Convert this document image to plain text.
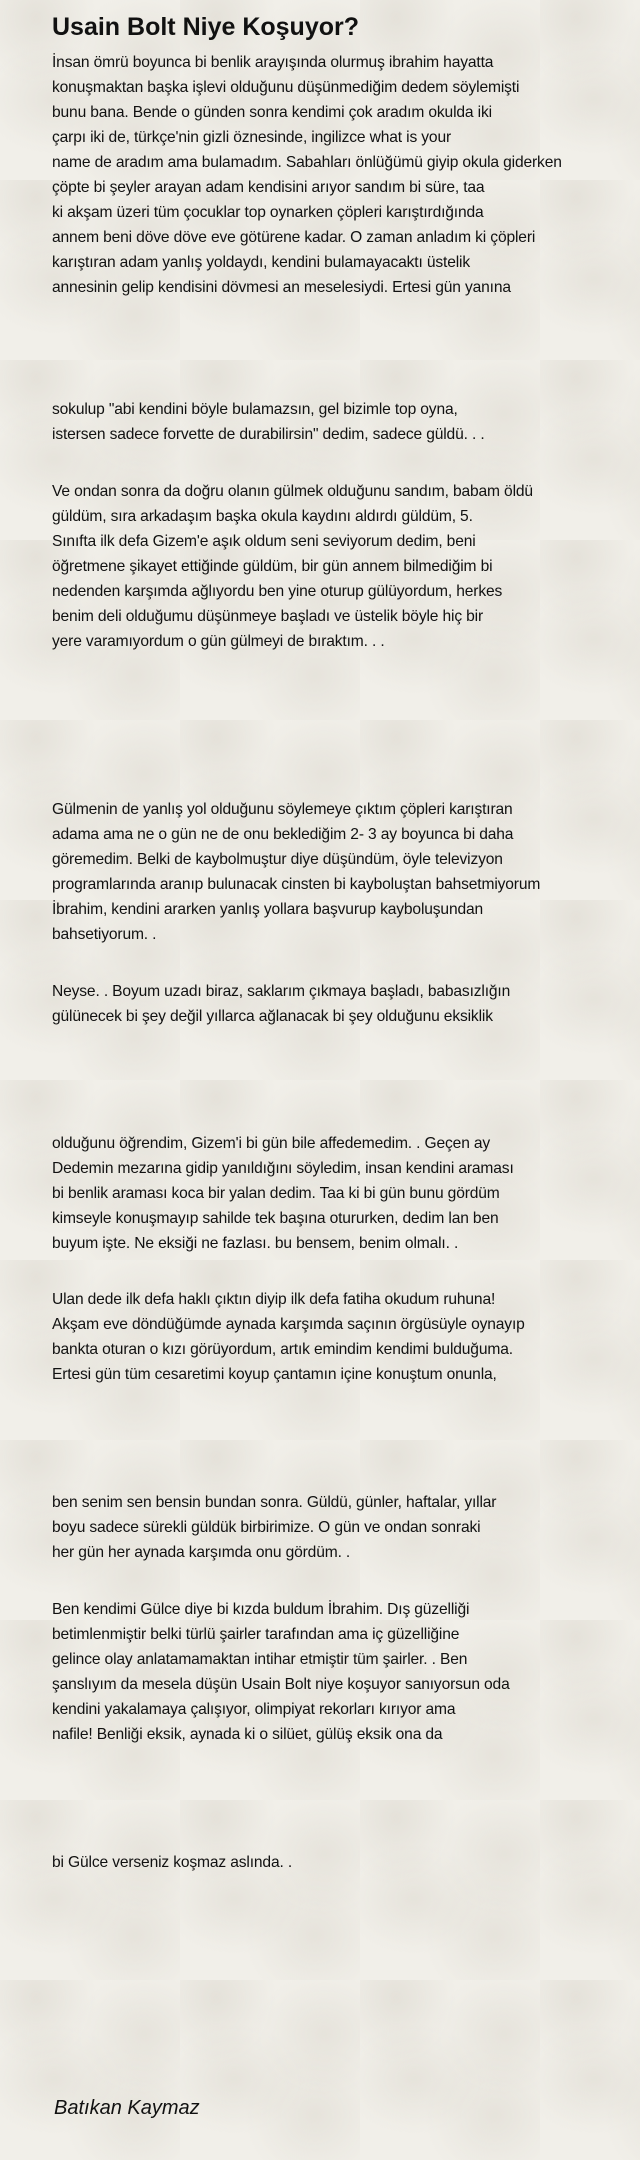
Usain Bolt Niye Koşuyor?
İnsan ömrü boyunca bi benlik arayışında olurmuş ibrahim hayatta
konuşmaktan başka işlevi olduğunu düşünmediğim dedem söylemişti
bunu bana. Bende o günden sonra kendimi çok aradım okulda iki
çarpı iki de, türkçe'nin gizli öznesinde, ingilizce what is your
name de aradım ama bulamadım. Sabahları önlüğümü giyip okula giderken
çöpte bi şeyler arayan adam kendisini arıyor sandım bi süre, taa
ki akşam üzeri tüm çocuklar top oynarken çöpleri karıştırdığında
annem beni döve döve eve götürene kadar. O zaman anladım ki çöpleri
karıştıran adam yanlış yoldaydı, kendini bulamayacaktı üstelik
annesinin gelip kendisini dövmesi an meselesiydi. Ertesi gün yanına
sokulup "abi kendini böyle bulamazsın, gel bizimle top oyna,
istersen sadece forvette de durabilirsin" dedim, sadece güldü. . .
Ve ondan sonra da doğru olanın gülmek olduğunu sandım, babam öldü
güldüm, sıra arkadaşım başka okula kaydını aldırdı güldüm, 5.
Sınıfta ilk defa Gizem'e aşık oldum seni seviyorum dedim, beni
öğretmene şikayet ettiğinde güldüm, bir gün annem bilmediğim bi
nedenden karşımda ağlıyordu ben yine oturup gülüyordum, herkes
benim deli olduğumu düşünmeye başladı ve üstelik böyle hiç bir
yere varamıyordum o gün gülmeyi de bıraktım. . .
Gülmenin de yanlış yol olduğunu söylemeye çıktım çöpleri karıştıran
adama ama ne o gün ne de onu beklediğim 2- 3 ay boyunca bi daha
göremedim. Belki de kaybolmuştur diye düşündüm, öyle televizyon
programlarında aranıp bulunacak cinsten bi kayboluştan bahsetmiyorum
İbrahim, kendini ararken yanlış yollara başvurup kayboluşundan
bahsetiyorum. .
Neyse. . Boyum uzadı biraz, saklarım çıkmaya başladı, babasızlığın
gülünecek bi şey değil yıllarca ağlanacak bi şey olduğunu eksiklik
olduğunu öğrendim, Gizem'i bi gün bile affedemedim. . Geçen ay
Dedemin mezarına gidip yanıldığını söyledim, insan kendini araması
bi benlik araması koca bir yalan dedim. Taa ki bi gün bunu gördüm
kimseyle konuşmayıp sahilde tek başına otururken, dedim lan ben
buyum işte. Ne eksiği ne fazlası. bu bensem, benim olmalı. .
Ulan dede ilk defa haklı çıktın diyip ilk defa fatiha okudum ruhuna!
Akşam eve döndüğümde aynada karşımda saçının örgüsüyle oynayıp
bankta oturan o kızı görüyordum, artık emindim kendimi bulduğuma.
Ertesi gün tüm cesaretimi koyup çantamın içine konuştum onunla,
ben senim sen bensin bundan sonra. Güldü, günler, haftalar, yıllar
boyu sadece sürekli güldük birbirimize. O gün ve ondan sonraki
her gün her aynada karşımda onu gördüm. .
Ben kendimi Gülce diye bi kızda buldum İbrahim. Dış güzelliği
betimlenmiştir belki türlü şairler tarafından ama iç güzelliğine
gelince olay anlatamamaktan intihar etmiştir tüm şairler. . Ben
şanslıyım da mesela düşün Usain Bolt niye koşuyor sanıyorsun oda
kendini yakalamaya çalışıyor, olimpiyat rekorları kırıyor ama
nafile! Benliği eksik, aynada ki o silüet, gülüş eksik ona da
bi Gülce verseniz koşmaz aslında. .
Batıkan Kaymaz
